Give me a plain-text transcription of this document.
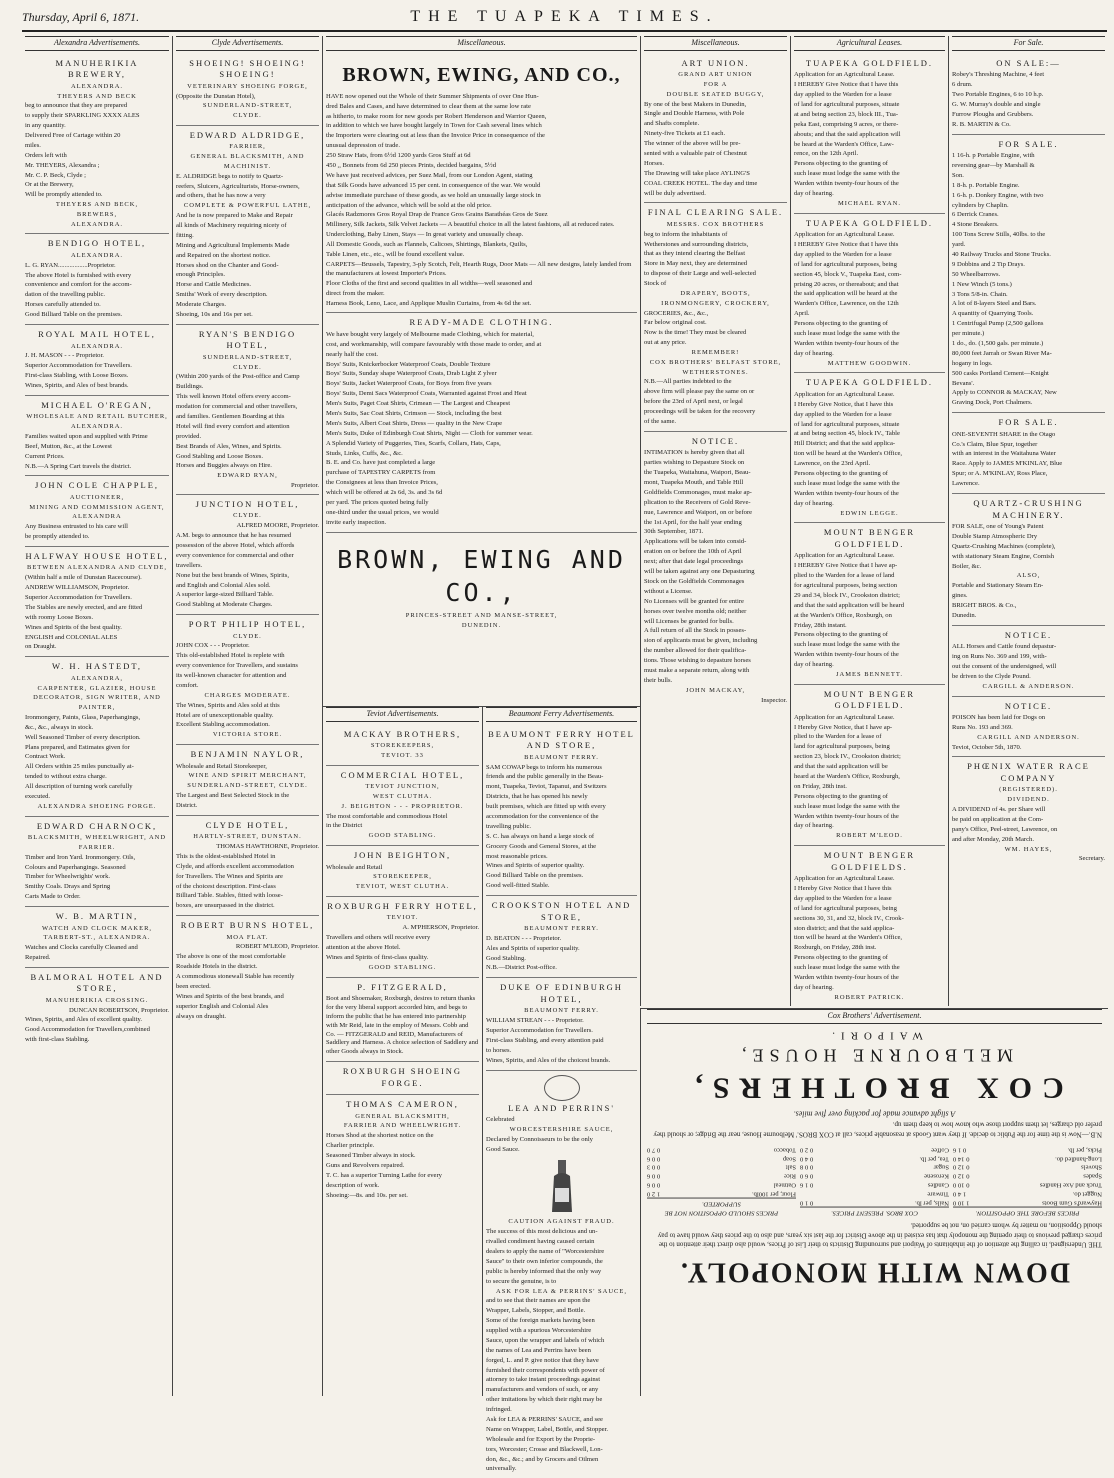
Thursday, April 6, 1871.	THE TUAPEKA TIMES.
Alexandra Advertisements.
MANUHERIKIA BREWERY,
ALEXANDRA.
THEYERS AND BECK
beg to announce that they are prepared
to supply their SPARKLING XXXX ALES
in any quantity.
Delivered Free of Cartage within 20
miles.
Orders left with
Mr. THEYERS, Alexandra ;
Mr. C. P. Beck, Clyde ;
Or at the Brewery,
Will be promptly attended to.
THEYERS AND BECK,
BREWERS,
ALEXANDRA.
BENDIGO HOTEL,
ALEXANDRA.
L. G. RYAN..................Proprietor.
The above Hotel is furnished with every
convenience and comfort for the accom-
dation of the travelling public.
Horses carefully attended to.
Good Billiard Table on the premises.
ROYAL MAIL HOTEL,
ALEXANDRA.
J. H. MASON - - - Proprietor.
Superior Accommodation for Travellers.
First-class Stabling, with Loose Boxes.
Wines, Spirits, and Ales of best brands.
MICHAEL O'REGAN,
WHOLESALE AND RETAIL BUTCHER,
ALEXANDRA.
Families waited upon and supplied with Prime
Beef, Mutton, &c., at the Lowest
Current Prices.
N.B.—A Spring Cart travels the district.
JOHN COLE CHAPPLE,
AUCTIONEER,
MINING AND COMMISSION AGENT,
ALEXANDRA
Any Business entrusted to his care will
be promptly attended to.
HALFWAY HOUSE HOTEL,
BETWEEN ALEXANDRA AND CLYDE,
(Within half a mile of Dunstan Racecourse).
ANDREW WILLIAMSON, Proprietor.
Superior Accommodation for Travellers.
The Stables are newly erected, and are fitted
with roomy Loose Boxes.
Wines and Spirits of the best quality.
ENGLISH and COLONIAL ALES
on Draught.
W. H. HASTEDT,
ALEXANDRA,
CARPENTER, GLAZIER, HOUSE
DECORATOR, SIGN WRITER, AND
PAINTER,
Ironmongery, Paints, Glass, Paperhangings,
&c., &c., always in stock.
Well Seasoned Timber of every description.
Plans prepared, and Estimates given for
Contract Work.
All Orders within 25 miles punctually at-
tended to without extra charge.
All description of turning work carefully
executed.
ALEXANDRA SHOEING FORGE.
EDWARD CHARNOCK,
BLACKSMITH, WHEELWRIGHT, AND
FARRIER.
Timber and Iron Yard. Ironmongery. Oils,
Colours and Paperhangings. Seasoned
Timber for Wheelwrights' work.
Smithy Coals. Drays and Spring
Carts Made to Order.
W. B. MARTIN,
WATCH AND CLOCK MAKER,
TARBERT-ST., ALEXANDRA.
Watches and Clocks carefully Cleaned and
Repaired.
BALMORAL HOTEL AND STORE,
MANUHERIKIA CROSSING.
DUNCAN ROBERTSON, Proprietor.
Wines, Spirits, and Ales of excellent quality.
Good Accommodation for Travellers,combined
with first-class Stabling.
Clyde Advertisements.
SHOEING! SHOEING! SHOEING!
VETERINARY SHOEING FORGE,
(Opposite the Dunstan Hotel),
SUNDERLAND-STREET,
CLYDE.
EDWARD ALDRIDGE,
FARRIER,
GENERAL BLACKSMITH, AND
MACHINIST.
E. ALDRIDGE begs to notify to Quartz-
reefers, Sluicers, Agriculturists, Horse-owners,
and others, that he has now a very
COMPLETE & POWERFUL LATHE,
And he is now prepared to Make and Repair
all kinds of Machinery requiring nicety of
fitting.
Mining and Agricultural Implements Made
and Repaired on the shortest notice.
Horses shod on the Chanter and Good-
enough Principles.
Horse and Cattle Medicines.
Smiths' Work of every description.
Moderate Charges.
Shoeing, 10s and 16s per set.
RYAN'S BENDIGO HOTEL,
SUNDERLAND-STREET,
CLYDE.
(Within 200 yards of the Post-office and Camp
Buildings.
This well known Hotel offers every accom-
modation for commercial and other travellers,
and families. Gentlemen Boarding at this
Hotel will find every comfort and attention
provided.
Best Brands of Ales, Wines, and Spirits.
Good Stabling and Loose Boxes.
Horses and Buggies always on Hire.
EDWARD RYAN,
Proprietor.
JUNCTION HOTEL,
CLYDE.
ALFRED MOORE, Proprietor.
A.M. begs to announce that he has resumed
possession of the above Hotel, which affords
every convenience for commercial and other
travellers.
None but the best brands of Wines, Spirits,
and English and Colonial Ales sold.
A superior large-sized Billiard Table.
Good Stabling at Moderate Charges.
PORT PHILIP HOTEL,
CLYDE.
JOHN COX - - - Proprietor.
This old-established Hotel is replete with
every convenience for Travellers, and sustains
its well-known character for attention and
comfort.
CHARGES MODERATE.
The Wines, Spirits and Ales sold at this
Hotel are of unexceptionable quality.
Excellent Stabling accommodation.
VICTORIA STORE.
BENJAMIN NAYLOR,
Wholesale and Retail Storekeeper,
WINE AND SPIRIT MERCHANT,
SUNDERLAND-STREET, CLYDE.
The Largest and Best Selected Stock in the
District.
CLYDE HOTEL,
HARTLY-STREET, DUNSTAN.
THOMAS HAWTHORNE, Proprietor.
This is the oldest-established Hotel in
Clyde, and affords excellent accommodation
for Travellers. The Wines and Spirits are
of the choicest description. First-class
Billiard Table. Stables, fitted with loose-
boxes, are unsurpassed in the district.
ROBERT BURNS HOTEL,
MOA FLAT.
ROBERT M'LEOD, Proprietor.
The above is one of the most comfortable
Roadside Hotels in the district.
A commodious stonewall Stable has recently
been erected.
Wines and Spirits of the best brands, and
superior English and Colonial Ales
always on draught.
Miscellaneous.
BROWN, EWING, AND CO.,
HAVE now opened out the Whole of their Summer Shipments of over One Hun-
dred Bales and Cases, and have determined to clear them at the same low rate
as hitherto, to make room for new goods per Robert Henderson and Warrior Queen,
in addition to which we have bought largely in Town for Cash several lines which
the Importers were clearing out at less than the Invoice Price in consequence of the
unusual depression of trade.
250 Straw Hats, from 6½d 1200 yards Gros Stuff at 6d
450 ,, Bonnets from 6d 250 pieces Prints, decided bargains, 5½d
We have just received advices, per Suez Mail, from our London Agent, stating
that Silk Goods have advanced 15 per cent. in consequence of the war. We would
advise immediate purchase of these goods, as we hold an unusually large stock in
anticipation of the advance, which will be sold at the old price.
Glacés Radzmores Gros Royal Drap de France Gros Grains Barathéas Gros de Suez
Millinery, Silk Jackets, Silk Velvet Jackets — A beautiful choice in all the latest fashions, all at reduced rates.
Underclothing, Baby Linen, Stays — In great variety and unusually cheap.
All Domestic Goods, such as Flannels, Calicoes, Shirtings, Blankets, Quilts,
Table Linen, etc., etc., will be found excellent value.
CARPETS—Brussels, Tapestry, 3-ply Scotch, Felt, Hearth Rugs, Door Mats — All new designs, lately landed from the manufacturers at lowest Importer's Prices.
Floor Cloths of the first and second qualities in all widths—well seasoned and
direct from the maker.
Harness Book, Leno, Lace, and Applique Muslin Curtains, from 4s 6d the set.
READY-MADE CLOTHING.
We have bought very largely of Melbourne made Clothing, which for material,
cost, and workmanship, will compare favourably with those made to order, and at
nearly half the cost.
Boys' Suits, Knickerbocker Waterproof Coats, Double Texture
Boys' Suits, Sunday shape Waterproof Coats, Drab Light Z ylver
Boys' Suits, Jacket Waterproof Coats, for Boys from five years
Boys' Suits, Demi Sacs Waterproof Coats, Warranted against Frost and Heat
Men's Suits, Paget Coat Shirts, Crimean — The Largest and Cheapest
Men's Suits, Sac Coat Shirts, Crimson — Stock, including the best
Men's Suits, Albert Coat Shirts, Dress — quality in the New Crape
Men's Suits, Duke of Edinburgh Coat Shirts, Night — Cloth for summer wear.
A Splendid Variety of Puggeries, Ties, Scarfs, Collars, Hats, Caps,
Studs, Links, Cuffs, &c., &c.
B. E. and Co. have just completed a large
purchase of TAPESTRY CARPETS from
the Consignees at less than Invoice Prices,
which will be offered at 2s 6d, 3s. and 3s 6d
per yard. The prices quoted being fully
one-third under the usual prices, we would
invite early inspection.
BROWN, EWING AND CO.,
PRINCES-STREET AND MANSE-STREET,
DUNEDIN.
Teviot Advertisements.
MACKAY BROTHERS,
STOREKEEPERS,
TEVIOT. 33
COMMERCIAL HOTEL,
TEVIOT JUNCTION,
WEST CLUTHA.
J. BEIGHTON - - - PROPRIETOR.
The most comfortable and commodious Hotel
in the District
GOOD STABLING.
JOHN BEIGHTON,
Wholesale and Retail
STOREKEEPER,
TEVIOT, WEST CLUTHA.
ROXBURGH FERRY HOTEL,
TEVIOT.
A. M'PHERSON, Proprietor.
Travellers and others will receive every
attention at the above Hotel.
Wines and Spirits of first-class quality.
GOOD STABLING.
P. FITZGERALD,
Boot and Shoemaker, Roxburgh, desires to return thanks for the very liberal support accorded him, and begs to inform the public that he has entered into partnership with Mr Reid, late in the employ of Messrs. Cobb and Co. — FITZGERALD and REID, Manufacturers of Saddlery and Harness. A choice selection of Saddlery and other Goods always in Stock.
ROXBURGH SHOEING FORGE.
THOMAS CAMERON,
GENERAL BLACKSMITH,
FARRIER AND WHEELWRIGHT.
Horses Shod at the shortest notice on the
Charlier principle.
Seasoned Timber always in stock.
Guns and Revolvers repaired.
T. C. has a superior Turning Lathe for every
description of work.
Shoeing:—8s. and 10s. per set.
Beaumont Ferry Advertisements.
BEAUMONT FERRY HOTEL AND STORE,
BEAUMONT FERRY.
SAM COWAP begs to inform his numerous
friends and the public generally in the Beau-
mont, Tuapeka, Teviot, Tapanui, and Switzers
Districts, that he has opened his newly
built premises, which are fitted up with every
accommodation for the convenience of the
travelling public.
S. C. has always on hand a large stock of
Grocery Goods and General Stores, at the
most reasonable prices.
Wines and Spirits of superior quality.
Good Billiard Table on the premises.
Good well-fitted Stable.
CROOKSTON HOTEL AND STORE,
BEAUMONT FERRY.
D. BEATON - - - Proprietor.
Ales and Spirits of superior quality.
Good Stabling.
N.B.—District Post-office.
DUKE OF EDINBURGH HOTEL,
BEAUMONT FERRY.
WILLIAM STREAN - - - Proprietor.
Superior Accommodation for Travellers.
First-class Stabling, and every attention paid
to horses.
Wines, Spirits, and Ales of the choicest brands.
LEA AND PERRINS'
Celebrated
WORCESTERSHIRE SAUCE,
Declared by Connoisseurs to be the only
Good Sauce.
CAUTION AGAINST FRAUD.
The success of this most delicious and un-
rivalled condiment having caused certain
dealers to apply the name of "Worcestershire
Sauce" to their own inferior compounds, the
public is hereby informed that the only way
to secure the genuine, is to
ASK FOR LEA & PERRINS' SAUCE,
and to see that their names are upon the
Wrapper, Labels, Stopper, and Bottle.
Some of the foreign markets having been
supplied with a spurious Worcestershire
Sauce, upon the wrapper and labels of which
the names of Lea and Perrins have been
forged, L. and P. give notice that they have
furnished their correspondents with power of
attorney to take instant proceedings against
manufacturers and vendors of such, or any
other imitations by which their right may be
infringed.
Ask for LEA & PERRINS' SAUCE, and see
Name on Wrapper, Label, Bottle, and Stopper.
Wholesale and for Export by the Proprie-
tors, Worcester; Crosse and Blackwell, Lon-
don, &c., &c.; and by Grocers and Oilmen
universally.
Miscellaneous.
ART UNION.
GRAND ART UNION
FOR A
DOUBLE SEATED BUGGY,
By one of the best Makers in Dunedin,
Single and Double Harness, with Pole
and Shafts complete.
Ninety-five Tickets at £1 each.
The winner of the above will be pre-
sented with a valuable pair of Chestnut
Horses.
The Drawing will take place AYLING'S
COAL CREEK HOTEL. The day and time
will be duly advertised.
FINAL CLEARING SALE.
MESSRS. COX BROTHERS
beg to inform the inhabitants of
Wetherstones and surrounding districts,
that as they intend clearing the Belfast
Store in May next, they are determined
to dispose of their Large and well-selected
Stock of
DRAPERY, BOOTS,
IRONMONGERY, CROCKERY,
GROCERIES, &c., &c.,
Far below original cost.
Now is the time! They must be cleared
out at any price.
REMEMBER!
COX BROTHERS' BELFAST STORE,
WETHERSTONES.
N.B.—All parties indebted to the
above firm will please pay the same on or
before the 23rd of April next, or legal
proceedings will be taken for the recovery
of the same.
NOTICE.
INTIMATION is hereby given that all
parties wishing to Depasture Stock on
the Tuapeka, Waitahuna, Waipori, Beau-
mont, Tuapeka Mouth, and Table Hill
Goldfields Commonages, must make ap-
plication to the Receivers of Gold Reve-
nue, Lawrence and Waipori, on or before
the 1st April, for the half year ending
30th September, 1871.
Applications will be taken into consid-
eration on or before the 10th of April
next; after that date legal proceedings
will be taken against any one Depasturing
Stock on the Goldfields Commonages
without a License.
No Licenses will be granted for entire
horses over twelve months old; neither
will Licenses be granted for bulls.
A full return of all the Stock in posses-
sion of applicants must be given, including
the number allowed for their qualifica-
tions. Those wishing to depasture horses
must make a separate return, along with
their bulls.
JOHN MACKAY,
Inspector.
Agricultural Leases.
TUAPEKA GOLDFIELD.
Application for an Agricultural Lease.
I HEREBY Give Notice that I have this
day applied to the Warden for a lease
of land for agricultural purposes, situate
at and being section 23, block III., Tua-
peka East, comprising 9 acres, or there-
abouts; and that the said application will
be heard at the Warden's Office, Law-
rence, on the 12th April.
Persons objecting to the granting of
such lease must lodge the same with the
Warden within twenty-four hours of the
day of hearing.
MICHAEL RYAN.
TUAPEKA GOLDFIELD.
Application for an Agricultural Lease.
I HEREBY Give Notice that I have this
day applied to the Warden for a lease
of land for agricultural purposes, being
section 45, block V., Tuapeka East, com-
prising 20 acres, or thereabout; and that
the said application will be heard at the
Warden's Office, Lawrence, on the 12th
April.
Persons objecting to the granting of
such lease must lodge the same with the
Warden within twenty-four hours of the
day of hearing.
MATTHEW GOODWIN.
TUAPEKA GOLDFIELD.
Application for an Agricultural Lease.
I Hereby Give Notice, that I have this
day applied to the Warden for a lease
of land for agricultural purposes, situate
at and being section 45, block IV., Table
Hill District; and that the said applica-
tion will be heard at the Warden's Office,
Lawrence, on the 23rd April.
Persons objecting to the granting of
such lease must lodge the same with the
Warden within twenty-four hours of the
day of hearing.
EDWIN LEGGE.
MOUNT BENGER GOLDFIELD.
Application for an Agricultural Lease.
I HEREBY Give Notice that I have ap-
plied to the Warden for a lease of land
for agricultural purposes, being section
29 and 34, block IV., Crookston district;
and that the said application will be heard
at the Warden's Office, Roxburgh, on
Friday, 28th instant.
Persons objecting to the granting of
such lease must lodge the same with the
Warden within twenty-four hours of the
day of hearing.
JAMES BENNETT.
MOUNT BENGER GOLDFIELD.
Application for an Agricultural Lease.
I Hereby Give Notice, that I have ap-
plied to the Warden for a lease of
land for agricultural purposes, being
section 23, block IV., Crookston district;
and that the said application will be
heard at the Warden's Office, Roxburgh,
on Friday, 28th inst.
Persons objecting to the granting of
such lease must lodge the same with the
Warden within twenty-four hours of the
day of hearing.
ROBERT M'LEOD.
MOUNT BENGER GOLDFIELDS.
Application for an Agricultural Lease.
I Hereby Give Notice that I have this
day applied to the Warden for a lease
of land for agricultural purposes, being
sections 30, 31, and 32, block IV., Crook-
ston district; and that the said applica-
tion will be heard at the Warden's Office,
Roxburgh, on Friday, 28th inst.
Persons objecting to the granting of
such lease must lodge the same with the
Warden within twenty-four hours of the
day of hearing.
ROBERT PATRICK.
For Sale.
ON SALE:—
Robey's Threshing Machine, 4 feet
6 drum.
Two Portable Engines, 6 to 10 h.p.
G. W. Murray's double and single
Furrow Ploughs and Grubbers.
R. B. MARTIN & Co.
FOR SALE.
1 16-h. p Portable Engine, with
reversing gear—by Marshall &
Son.
1 8-h. p. Portable Engine.
1 6-h. p. Donkey Engine, with two
cylinders by Chaplin.
6 Derrick Cranes.
4 Stone Breakers.
100 Tons Screw Stills, 40lbs. to the
yard.
40 Railway Trucks and Stone Trucks.
9 Dobbins and 2 Tip Drays.
50 Wheelbarrows.
1 New Winch (5 tons.)
3 Tons 5/8-in. Chain.
A lot of 8-layers Steel and Bars.
A quantity of Quarrying Tools.
1 Centrifugal Pump (2,500 gallons
per minute.)
1 do., do. (1,500 gals. per minute.)
80,000 feet Jarrah or Swan River Ma-
hogany in logs.
500 casks Portland Cement—Knight
Bevans'.
Apply to CONNOR & MACKAY, New
Graving Dock, Port Chalmers.
FOR SALE.
ONE-SEVENTH SHARE in the Otago
Co.'s Claim, Blue Spur, together
with an interest in the Waitahuna Water
Race. Apply to JAMES M'KINLAY, Blue
Spur; or A. M'KINLAY, Ross Place,
Lawrence.
QUARTZ-CRUSHING MACHINERY.
FOR SALE, one of Young's Patent
Double Stamp Atmospheric Dry
Quartz-Crushing Machines (complete),
with stationary Steam Engine, Cornish
Boiler, &c.
ALSO,
Portable and Stationary Steam En-
gines.
BRIGHT BROS. & Co.,
Dunedin.
NOTICE.
ALL Horses and Cattle found depastur-
ing on Runs No. 369 and 199, with-
out the consent of the undersigned, will
be driven to the Clyde Pound.
CARGILL & ANDERSON.
NOTICE.
POISON has been laid for Dogs on
Runs No. 193 and 369.
CARGILL AND ANDERSON.
Teviot, October 5th, 1870.
PHŒNIX WATER RACE COMPANY
(REGISTERED).
DIVIDEND.
A DIVIDEND of 4s. per Share will
be paid on application at the Com-
pany's Office, Peel-street, Lawrence, on
and after Monday, 20th March.
WM. HAYES,
Secretary.
Cox Brothers' Advertisement.
DOWN WITH MONOPOLY.
THE Undersigned, in calling the attention of the inhabitants of Waipori and surrounding Districts to their List of Prices, would also direct their attention to the prices charged previous to their opening the monopoly that has existed in the above District for the last six years, and also to the prices they would have to pay should Opposition, no matter by whom carried on, not be supported.
PRICES BEFORE THE OPPOSITION.
Hayward's Gum Boots
1 10 0
Nugget do.
1 4 0
Truck and Axe Handles
0 10 0
Spades
0 12 0
Shovels
0 12 0
Long-handled do.
0 14 0
Picks, per lb.
0 1 6
COX BROS. PRESENT PRICES.
Nails, per lb.
0 1 0
Tinware
Candles
0 1 6
Kerosene
0 6 0
Sugar
0 0 8
Tea, per lb.
0 4 0
Coffee
0 2 0
PRICES SHOULD OPPOSITION NOT BE SUPPORTED.
Flour, per 100lb.
1 2 0
Oatmeal
0 0 6
Rice
0 0 6
Salt
0 0 3
Soap
0 0 6
Tobacco
0 7 0
N.B.—Now is the time for the Public to decide. If they want Goods at reasonable prices, call at COX BROS.' Melbourne House, near the Bridge; or should they prefer old charges, let them support those who know how to keep them up.
A slight advance made for packing over five miles.
COX BROTHERS,
MELBOURNE HOUSE,
WAIPORI.
